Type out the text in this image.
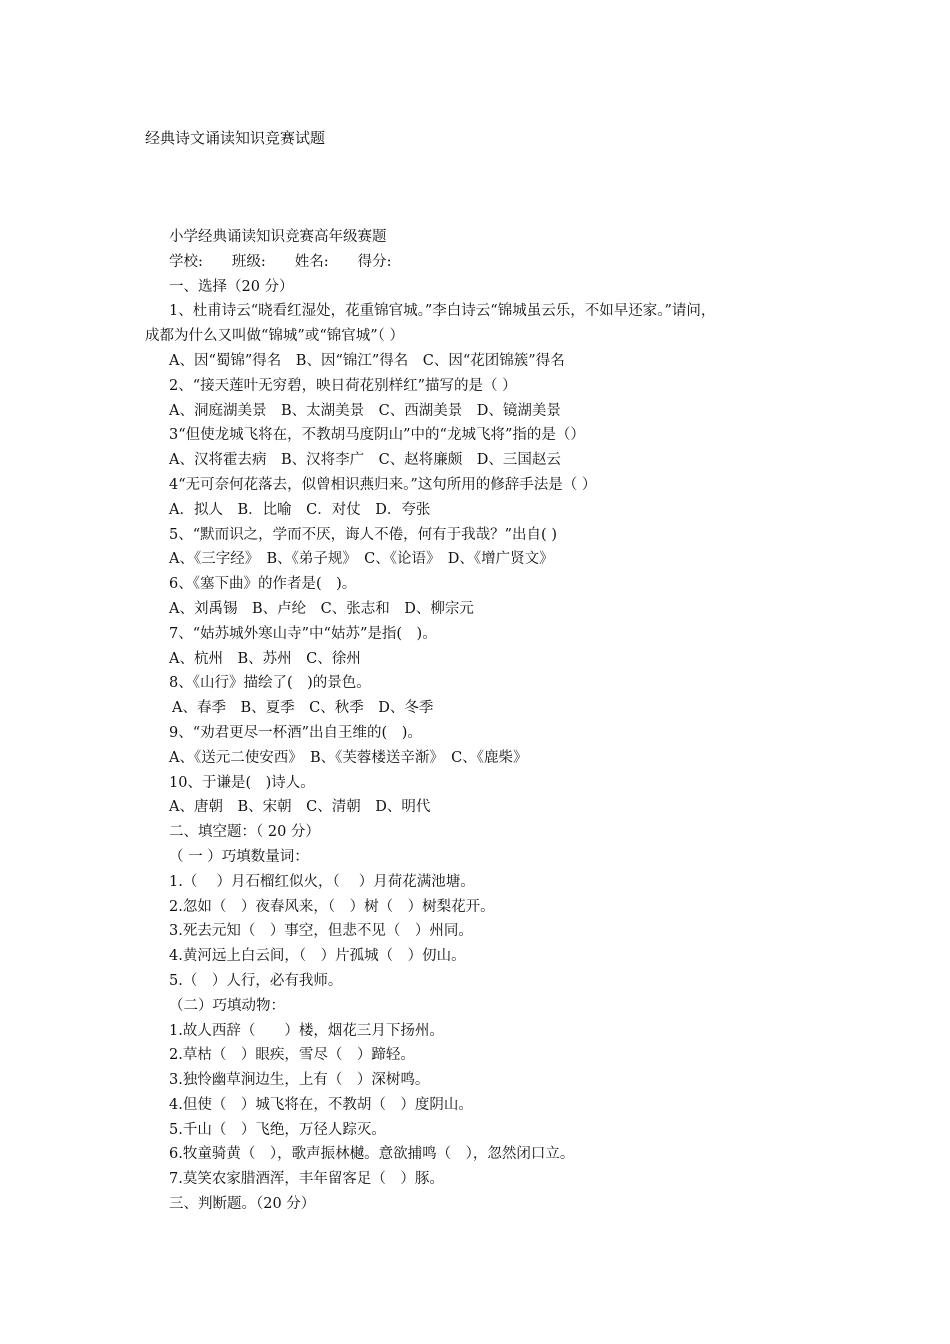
经典诗文诵读知识竞赛试题
小学经典诵读知识竞赛高年级赛题
学校:　　班级:　　姓名:　　得分:
一、选择（20 分）
1、杜甫诗云“晓看红湿处，花重锦官城。”李白诗云“锦城虽云乐，不如早还家。”请问，
成都为什么又叫做“锦城”或“锦官城”（ ）
A、因“蜀锦”得名　B、因“锦江”得名　C、因“花团锦簇”得名
2、“接天莲叶无穷碧，映日荷花别样红”描写的是（ ）
A、洞庭湖美景　B、太湖美景　C、西湖美景　D、镜湖美景
3“但使龙城飞将在，不教胡马度阴山”中的“龙城飞将”指的是（）
A、汉将霍去病　B、汉将李广　C、赵将廉颇　D、三国赵云
4“无可奈何花落去，似曾相识燕归来。”这句所用的修辞手法是（ ）
A．拟人　B．比喻　C．对仗　D．夸张
5、“默而识之，学而不厌，诲人不倦，何有于我哉？”出自( )
A、《三字经》　B、《弟子规》　C、《论语》　D、《增广贤文》
6、《塞下曲》的作者是(　)。
A、刘禹锡　B、卢纶　C、张志和　D、柳宗元
7、“姑苏城外寒山寺”中“姑苏”是指(　)。
A、杭州　B、苏州　C、徐州
8、《山行》描绘了(　)的景色。
A、春季　B、夏季　C、秋季　D、冬季
9、“劝君更尽一杯酒”出自王维的(　)。
A、《送元二使安西》　B、《芙蓉楼送辛渐》　C、《鹿柴》
10、于谦是(　)诗人。
A、唐朝　B、宋朝　C、清朝　D、明代
二、填空题：（ 20 分）
（ 一 ）巧填数量词：
1.（　 ）月石榴红似火，（　 ）月荷花满池塘。
2.忽如（　）夜春风来，（　）树（　）树梨花开。
3.死去元知（　）事空，但悲不见（　）州同。
4.黄河远上白云间，（　）片孤城（　）仞山。
5.（　）人行，必有我师。
（二）巧填动物：
1.故人西辞（　　）楼，烟花三月下扬州。
2.草枯（　）眼疾，雪尽（　）蹄轻。
3.独怜幽草涧边生，上有（　）深树鸣。
4.但使（　）城飞将在，不教胡（　）度阴山。
5.千山（　）飞绝，万径人踪灭。
6.牧童骑黄（　），歌声振林樾。意欲捕鸣（　），忽然闭口立。
7.莫笑农家腊酒浑，丰年留客足（　）豚。
三、判断题。（20 分）
